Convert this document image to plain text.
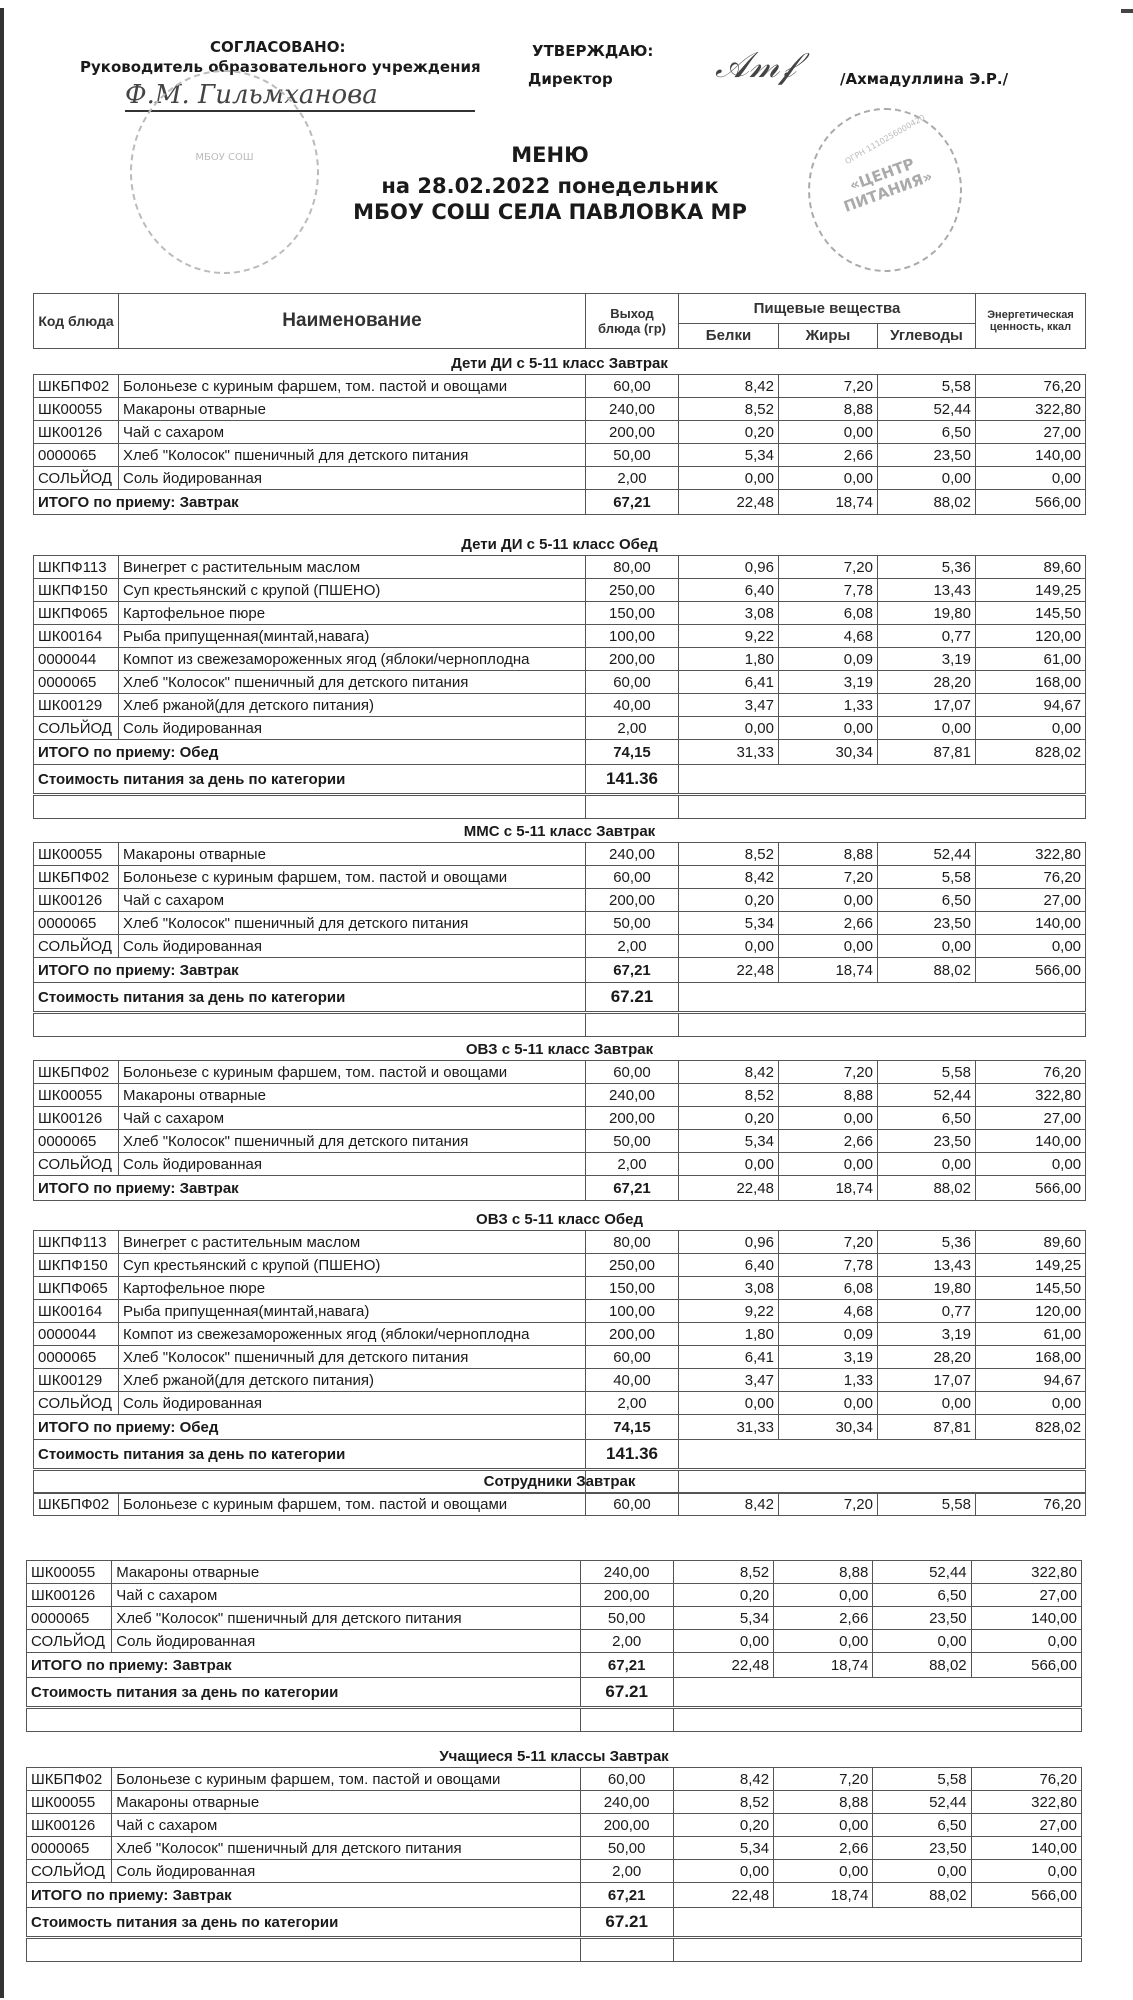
СОГЛАСОВАНО:
Руководитель образовательного учреждения
Ф.М. Гильмханова
МБОУ СОШ
УТВЕРЖДАЮ:
Директор	𝒜𝓂𝒻	/Ахмадуллина Э.Р./
«ЦЕНТР ПИТАНИЯ»
ОГРН 1110256000420
МЕНЮ
на 28.02.2022 понедельник
МБОУ СОШ СЕЛА ПАВЛОВКА МР
Код блюда	Наименование	Выход блюда (гр)	Пищевые вещества			Энергетическая ценность, ккал
			Белки	Жиры	Углеводы	
Дети ДИ с 5-11 класс Завтрак						
ШКБПФ02	Болоньезе с куриным фаршем, том. пастой и овощами	60,00	8,42	7,20	5,58	76,20
ШК00055	Макароны отварные	240,00	8,52	8,88	52,44	322,80
ШК00126	Чай с сахаром	200,00	0,20	0,00	6,50	27,00
0000065	Хлеб "Колосок" пшеничный для детского питания	50,00	5,34	2,66	23,50	140,00
СОЛЬЙОД	Соль йодированная	2,00	0,00	0,00	0,00	0,00
ИТОГО по приему: Завтрак		67,21	22,48	18,74	88,02	566,00
Дети ДИ с 5-11 класс Обед						
ШКПФ113	Винегрет с растительным маслом	80,00	0,96	7,20	5,36	89,60
ШКПФ150	Суп крестьянский с крупой (ПШЕНО)	250,00	6,40	7,78	13,43	149,25
ШКПФ065	Картофельное пюре	150,00	3,08	6,08	19,80	145,50
ШК00164	Рыба припущенная(минтай,навага)	100,00	9,22	4,68	0,77	120,00
0000044	Компот из свежезамороженных ягод (яблоки/черноплодна	200,00	1,80	0,09	3,19	61,00
0000065	Хлеб "Колосок" пшеничный для детского питания	60,00	6,41	3,19	28,20	168,00
ШК00129	Хлеб ржаной(для детского питания)	40,00	3,47	1,33	17,07	94,67
СОЛЬЙОД	Соль йодированная	2,00	0,00	0,00	0,00	0,00
ИТОГО по приему: Обед		74,15	31,33	30,34	87,81	828,02
Стоимость питания за день по категории		141.36				

ММС с 5-11 класс Завтрак						
ШК00055	Макароны отварные	240,00	8,52	8,88	52,44	322,80
ШКБПФ02	Болоньезе с куриным фаршем, том. пастой и овощами	60,00	8,42	7,20	5,58	76,20
ШК00126	Чай с сахаром	200,00	0,20	0,00	6,50	27,00
0000065	Хлеб "Колосок" пшеничный для детского питания	50,00	5,34	2,66	23,50	140,00
СОЛЬЙОД	Соль йодированная	2,00	0,00	0,00	0,00	0,00
ИТОГО по приему: Завтрак		67,21	22,48	18,74	88,02	566,00
Стоимость питания за день по категории		67.21				

ОВЗ с 5-11 класс Завтрак						
ШКБПФ02	Болоньезе с куриным фаршем, том. пастой и овощами	60,00	8,42	7,20	5,58	76,20
ШК00055	Макароны отварные	240,00	8,52	8,88	52,44	322,80
ШК00126	Чай с сахаром	200,00	0,20	0,00	6,50	27,00
0000065	Хлеб "Колосок" пшеничный для детского питания	50,00	5,34	2,66	23,50	140,00
СОЛЬЙОД	Соль йодированная	2,00	0,00	0,00	0,00	0,00
ИТОГО по приему: Завтрак		67,21	22,48	18,74	88,02	566,00
ОВЗ с 5-11 класс Обед						
ШКПФ113	Винегрет с растительным маслом	80,00	0,96	7,20	5,36	89,60
ШКПФ150	Суп крестьянский с крупой (ПШЕНО)	250,00	6,40	7,78	13,43	149,25
ШКПФ065	Картофельное пюре	150,00	3,08	6,08	19,80	145,50
ШК00164	Рыба припущенная(минтай,навага)	100,00	9,22	4,68	0,77	120,00
0000044	Компот из свежезамороженных ягод (яблоки/черноплодна	200,00	1,80	0,09	3,19	61,00
0000065	Хлеб "Колосок" пшеничный для детского питания	60,00	6,41	3,19	28,20	168,00
ШК00129	Хлеб ржаной(для детского питания)	40,00	3,47	1,33	17,07	94,67
СОЛЬЙОД	Соль йодированная	2,00	0,00	0,00	0,00	0,00
ИТОГО по приему: Обед		74,15	31,33	30,34	87,81	828,02
Стоимость питания за день по категории		141.36				

Сотрудники Завтрак
ШКБПФ02	Болоньезе с куриным фаршем, том. пастой и овощами	60,00	8,42	7,20	5,58	76,20
ШК00055	Макароны отварные	240,00	8,52	8,88	52,44	322,80
ШК00126	Чай с сахаром	200,00	0,20	0,00	6,50	27,00
0000065	Хлеб "Колосок" пшеничный для детского питания	50,00	5,34	2,66	23,50	140,00
СОЛЬЙОД	Соль йодированная	2,00	0,00	0,00	0,00	0,00
ИТОГО по приему: Завтрак		67,21	22,48	18,74	88,02	566,00
Стоимость питания за день по категории		67.21				

Учащиеся 5-11 классы Завтрак						
ШКБПФ02	Болоньезе с куриным фаршем, том. пастой и овощами	60,00	8,42	7,20	5,58	76,20
ШК00055	Макароны отварные	240,00	8,52	8,88	52,44	322,80
ШК00126	Чай с сахаром	200,00	0,20	0,00	6,50	27,00
0000065	Хлеб "Колосок" пшеничный для детского питания	50,00	5,34	2,66	23,50	140,00
СОЛЬЙОД	Соль йодированная	2,00	0,00	0,00	0,00	0,00
ИТОГО по приему: Завтрак		67,21	22,48	18,74	88,02	566,00
Стоимость питания за день по категории		67.21				
